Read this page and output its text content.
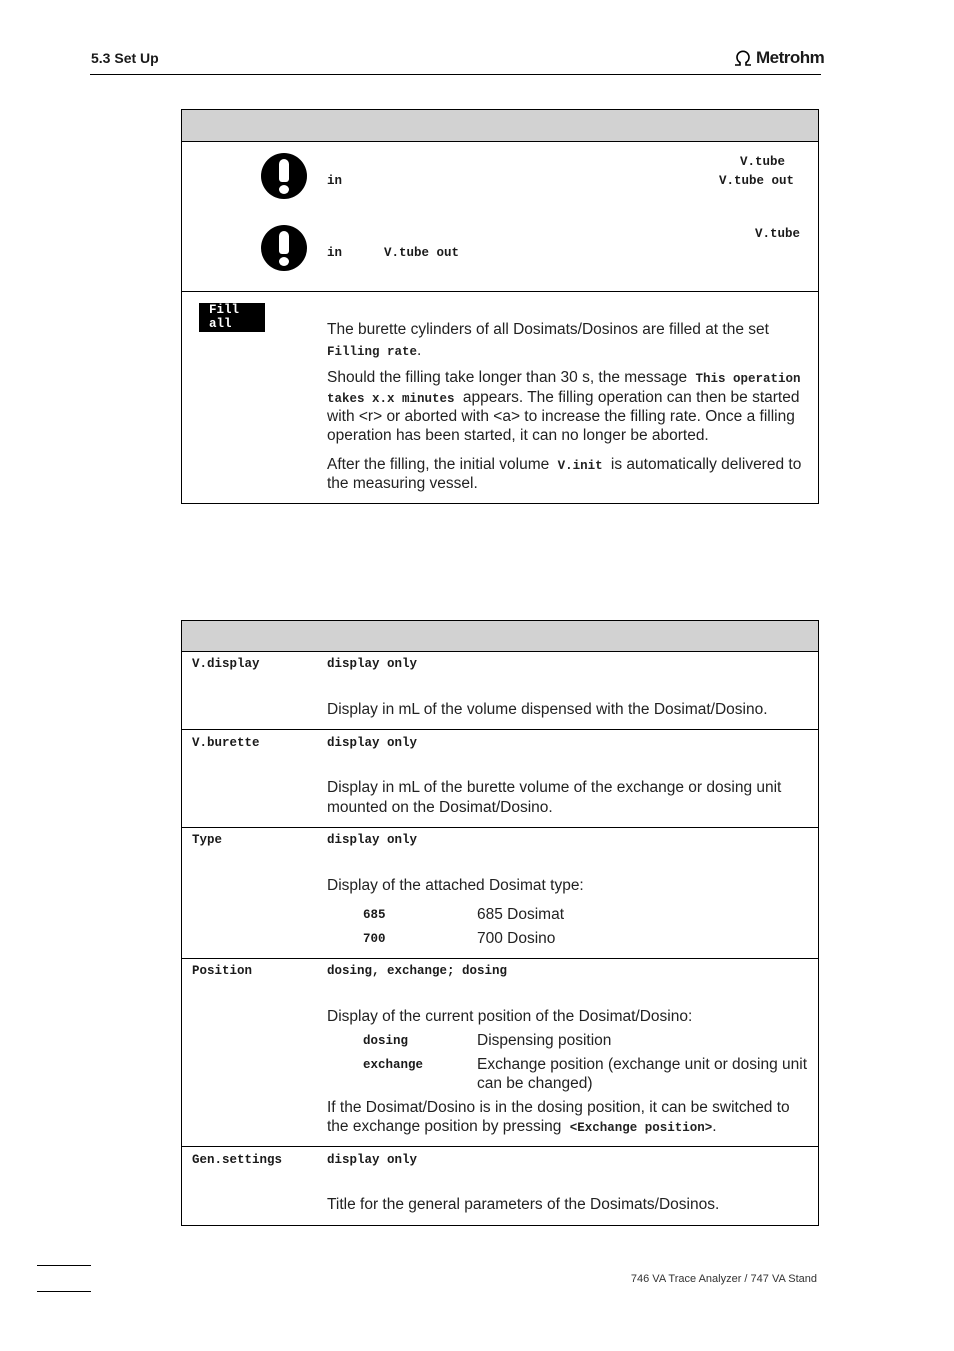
5.3 Set Up	Metrohm
V.tube
in	V.tube out
V.tube
in	V.tube out
Fill
all	The burette cylinders of all Dosimats/Dosinos are filled at the set
Filling rate.
Should the filling take longer than 30 s, the message This operation
takes x.x minutes appears. The filling operation can then be started
with <r> or aborted with <a> to increase the filling rate. Once a filling
operation has been started, it can no longer be aborted.
After the filling, the initial volume V.init is automatically delivered to
the measuring vessel.
V.display	display only
Display in mL of the volume dispensed with the Dosimat/Dosino.
V.burette	display only
Display in mL of the burette volume of the exchange or dosing unit
mounted on the Dosimat/Dosino.
Type	display only
Display of the attached Dosimat type:
685	685 Dosimat
700	700 Dosino
Position	dosing, exchange; dosing
Display of the current position of the Dosimat/Dosino:
dosing	Dispensing position
exchange	Exchange position (exchange unit or dosing unit
can be changed)
If the Dosimat/Dosino is in the dosing position, it can be switched to
the exchange position by pressing <Exchange position>.
Gen.settings	display only
Title for the general parameters of the Dosimats/Dosinos.
746 VA Trace Analyzer / 747 VA Stand
